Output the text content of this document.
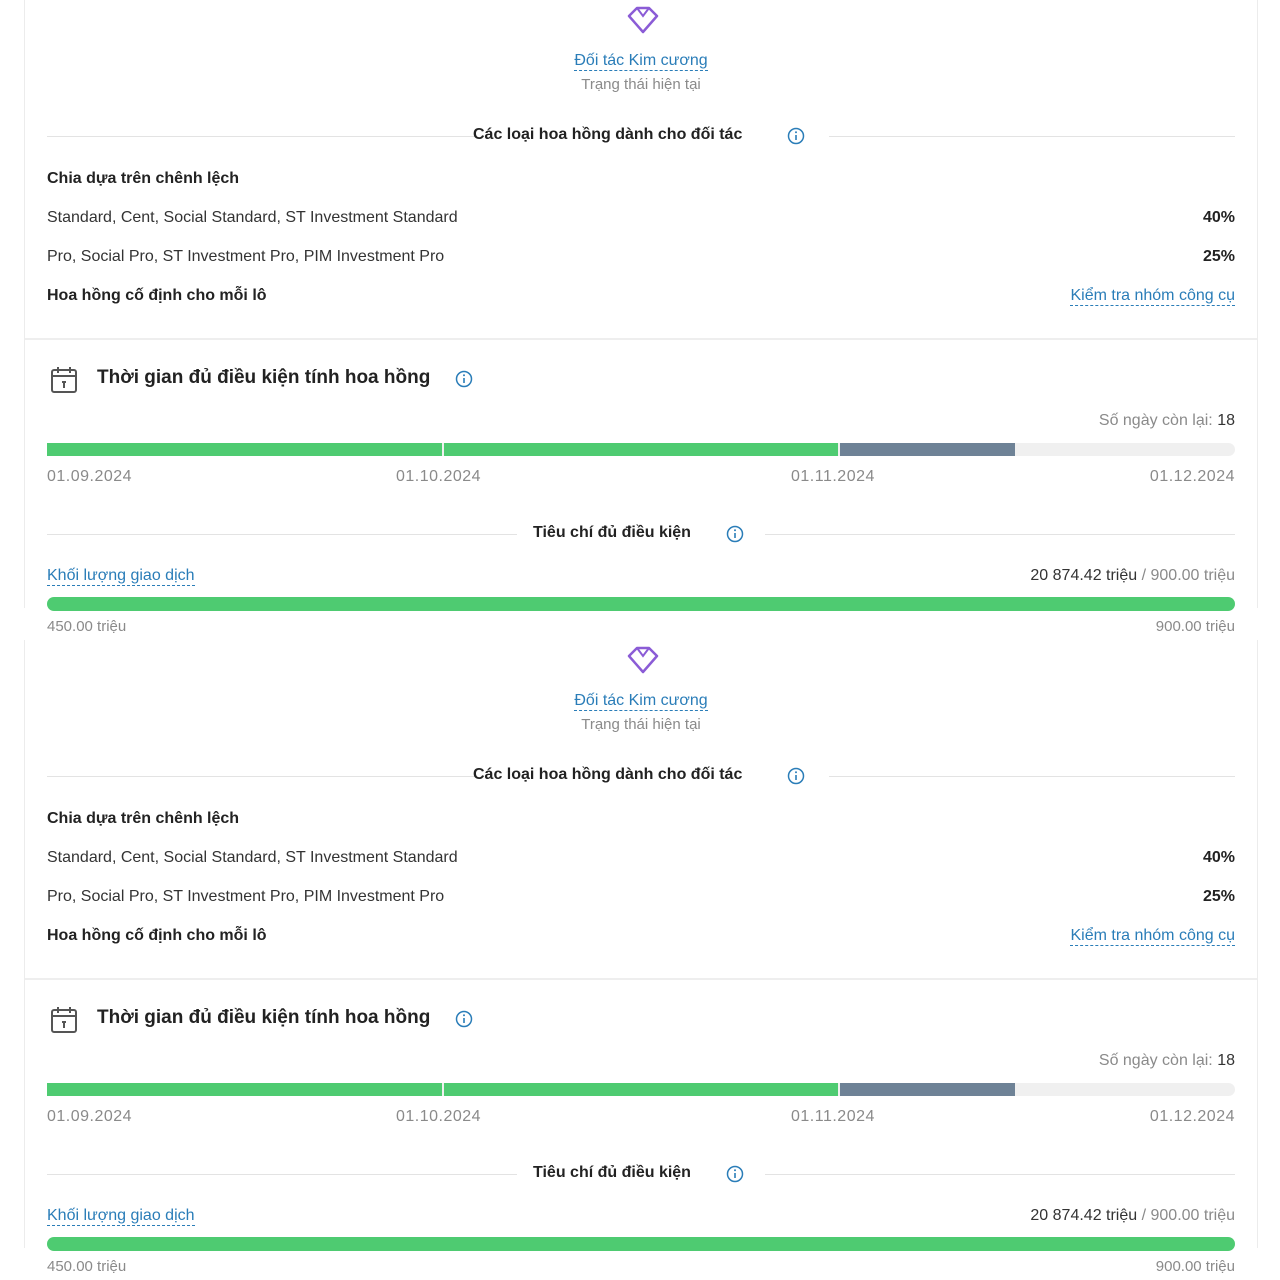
Đối tác Kim cương
Trạng thái hiện tại
Các loại hoa hồng dành cho đối tác
Chia dựa trên chênh lệch
Standard, Cent, Social Standard, ST Investment Standard	40%
Pro, Social Pro, ST Investment Pro, PIM Investment Pro	25%
Hoa hồng cố định cho mỗi lô	Kiểm tra nhóm công cụ
Thời gian đủ điều kiện tính hoa hồng
Số ngày còn lại: 18
01.09.2024	01.10.2024	01.11.2024	01.12.2024
Tiêu chí đủ điều kiện
Khối lượng giao dịch	20 874.42 triệu / 900.00 triệu
450.00 triệu	900.00 triệu
Đối tác Kim cương
Trạng thái hiện tại
Các loại hoa hồng dành cho đối tác
Chia dựa trên chênh lệch
Standard, Cent, Social Standard, ST Investment Standard	40%
Pro, Social Pro, ST Investment Pro, PIM Investment Pro	25%
Hoa hồng cố định cho mỗi lô	Kiểm tra nhóm công cụ
Thời gian đủ điều kiện tính hoa hồng
Số ngày còn lại: 18
01.09.2024	01.10.2024	01.11.2024	01.12.2024
Tiêu chí đủ điều kiện
Khối lượng giao dịch	20 874.42 triệu / 900.00 triệu
450.00 triệu	900.00 triệu
